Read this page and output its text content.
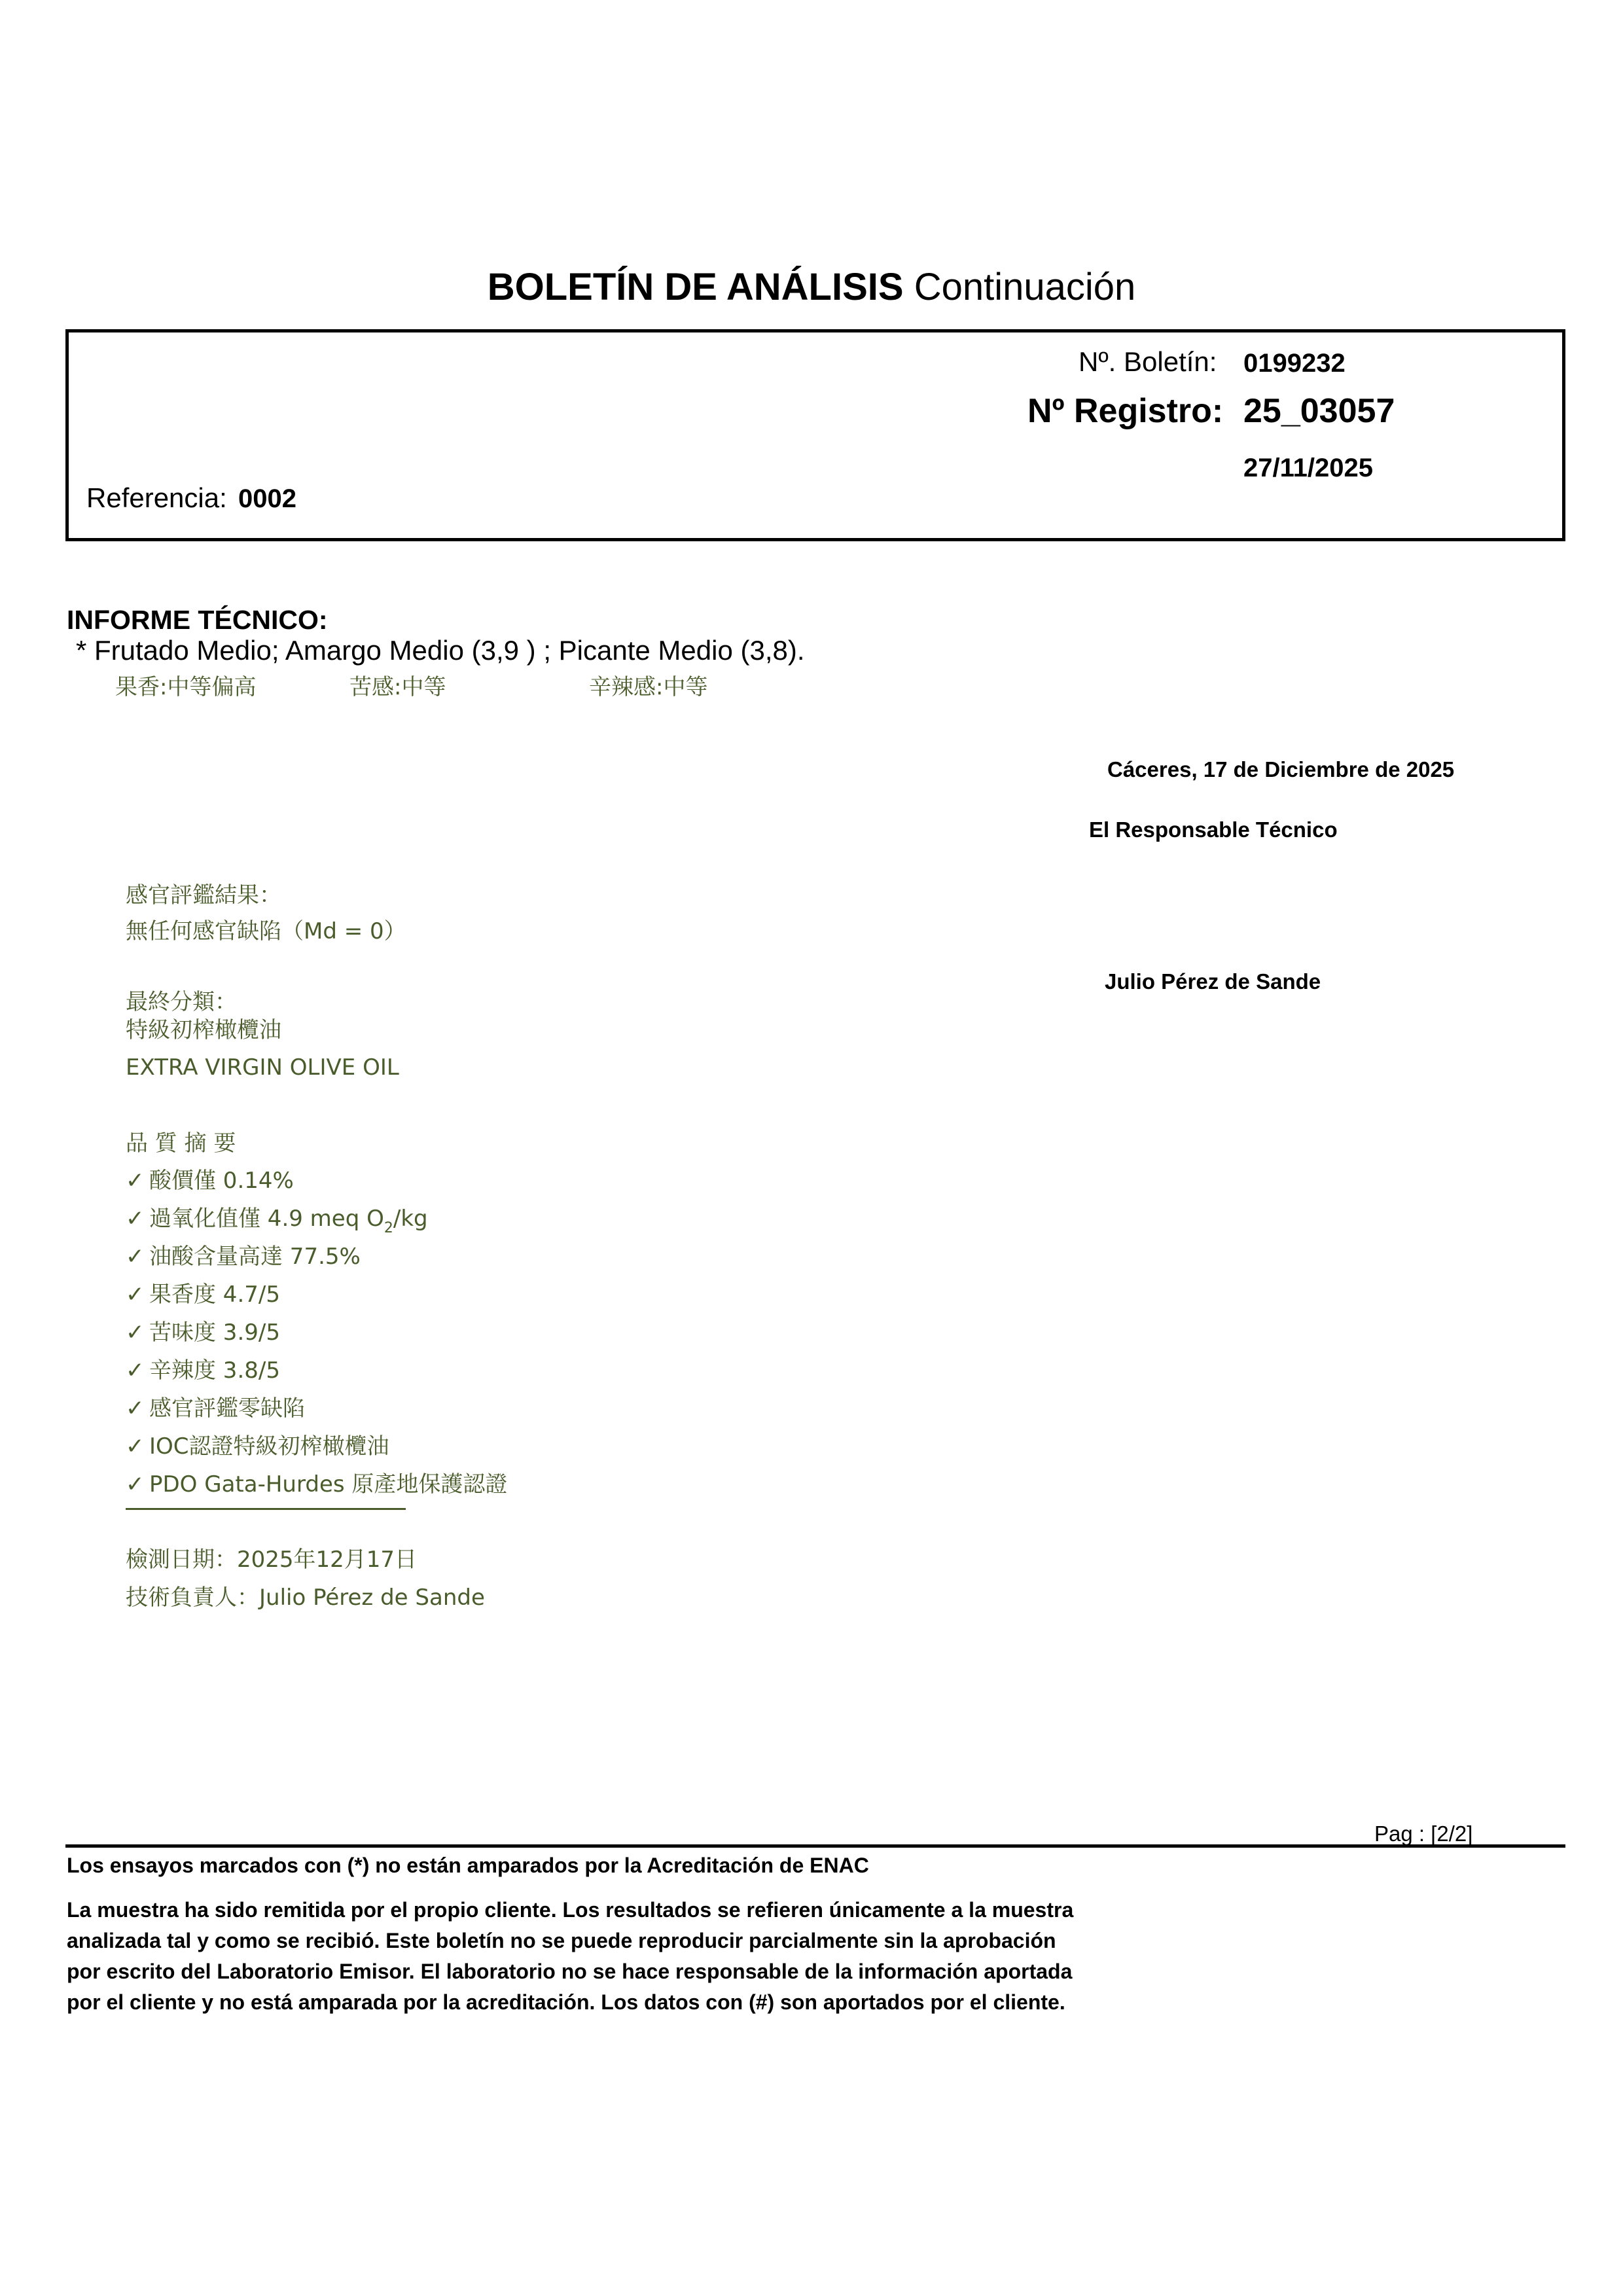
BOLETÍN DE ANÁLISIS Continuación
Nº. Boletín: 0199232
Nº Registro: 25_03057
27/11/2025
Referencia: 0002
INFORME TÉCNICO:
* Frutado Medio; Amargo Medio (3,9 ) ; Picante Medio (3,8).
果香:中等偏高	苦感:中等	辛辣感:中等
Cáceres, 17 de Diciembre de 2025
El Responsable Técnico
Julio Pérez de Sande
感官評鑑結果：
無任何感官缺陷（Md = 0）
最終分類：
特級初榨橄欖油
EXTRA VIRGIN OLIVE OIL
品 質 摘 要
✓ 酸價僅 0.14%
✓ 過氧化值僅 4.9 meq $O_2/kg$
✓ 油酸含量高達 77.5%
✓ 果香度 4.7/5
✓ 苦味度 3.9/5
✓ 辛辣度 3.8/5
✓ 感官評鑑零缺陷
✓ IOC認證特級初榨橄欖油
✓ PDO Gata-Hurdes 原產地保護認證
檢測日期：2025年12月17日
技術負責人：Julio Pérez de Sande
Pag : [2/2]
Los ensayos marcados con (*) no están amparados por la Acreditación de ENAC
La muestra ha sido remitida por el propio cliente. Los resultados se refieren únicamente a la muestra
analizada tal y como se recibió. Este boletín no se puede reproducir parcialmente sin la aprobación
por escrito del Laboratorio Emisor. El laboratorio no se hace responsable de la información aportada
por el cliente y no está amparada por la acreditación. Los datos con (#) son aportados por el cliente.
